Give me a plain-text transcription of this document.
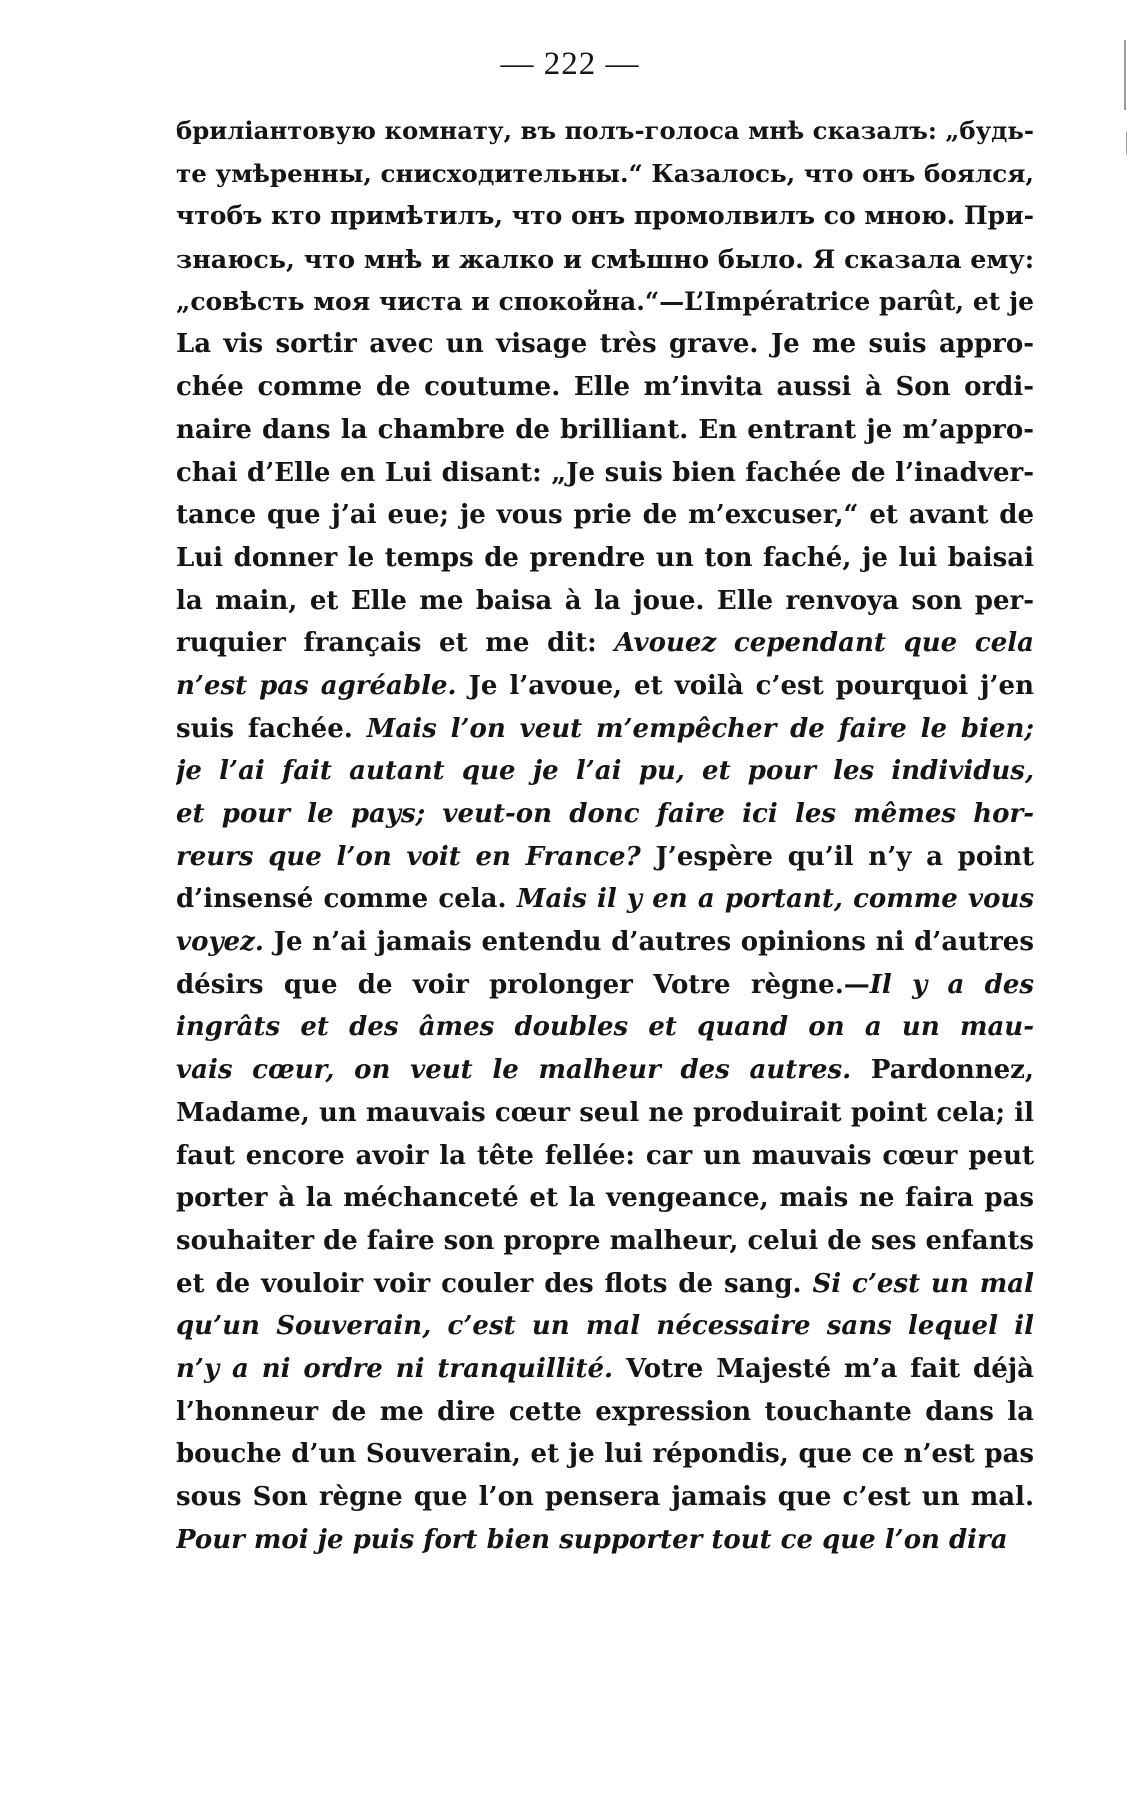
— 222 —
бриліантовую комнату, въ полъ-голоса мнѣ сказалъ: „будь-
те умѣренны, снисходительны.“ Казалось, что онъ боялся,
чтобъ кто примѣтилъ, что онъ промолвилъ со мною. При-
знаюсь, что мнѣ и жалко и смѣшно было. Я сказала ему:
„совѣсть моя чиста и спокойна.“—L’Impératrice parût, et je
La vis sortir avec un visage très grave. Je me suis appro-
chée comme de coutume. Elle m’invita aussi à Son ordi-
naire dans la chambre de brilliant. En entrant je m’appro-
chai d’Elle en Lui disant: „Je suis bien fachée de l’inadver-
tance que j’ai eue; je vous prie de m’excuser,“ et avant de
Lui donner le temps de prendre un ton faché, je lui baisai
la main, et Elle me baisa à la joue. Elle renvoya son per-
ruquier français et me dit: Avouez cependant que cela
n’est pas agréable. Je l’avoue, et voilà c’est pourquoi j’en
suis fachée. Mais l’on veut m’empêcher de faire le bien;
je l’ai fait autant que je l’ai pu, et pour les individus,
et pour le pays; veut-on donc faire ici les mêmes hor-
reurs que l’on voit en France? J’espère qu’il n’y a point
d’insensé comme cela. Mais il y en a portant, comme vous
voyez. Je n’ai jamais entendu d’autres opinions ni d’autres
désirs que de voir prolonger Votre règne.—Il y a des
ingrâts et des âmes doubles et quand on a un mau-
vais cœur, on veut le malheur des autres. Pardonnez,
Madame, un mauvais cœur seul ne produirait point cela; il
faut encore avoir la tête fellée: car un mauvais cœur peut
porter à la méchanceté et la vengeance, mais ne faira pas
souhaiter de faire son propre malheur, celui de ses enfants
et de vouloir voir couler des flots de sang. Si c’est un mal
qu’un Souverain, c’est un mal nécessaire sans lequel il
n’y a ni ordre ni tranquillité. Votre Majesté m’a fait déjà
l’honneur de me dire cette expression touchante dans la
bouche d’un Souverain, et je lui répondis, que ce n’est pas
sous Son règne que l’on pensera jamais que c’est un mal.
Pour moi je puis fort bien supporter tout ce que l’on dira
